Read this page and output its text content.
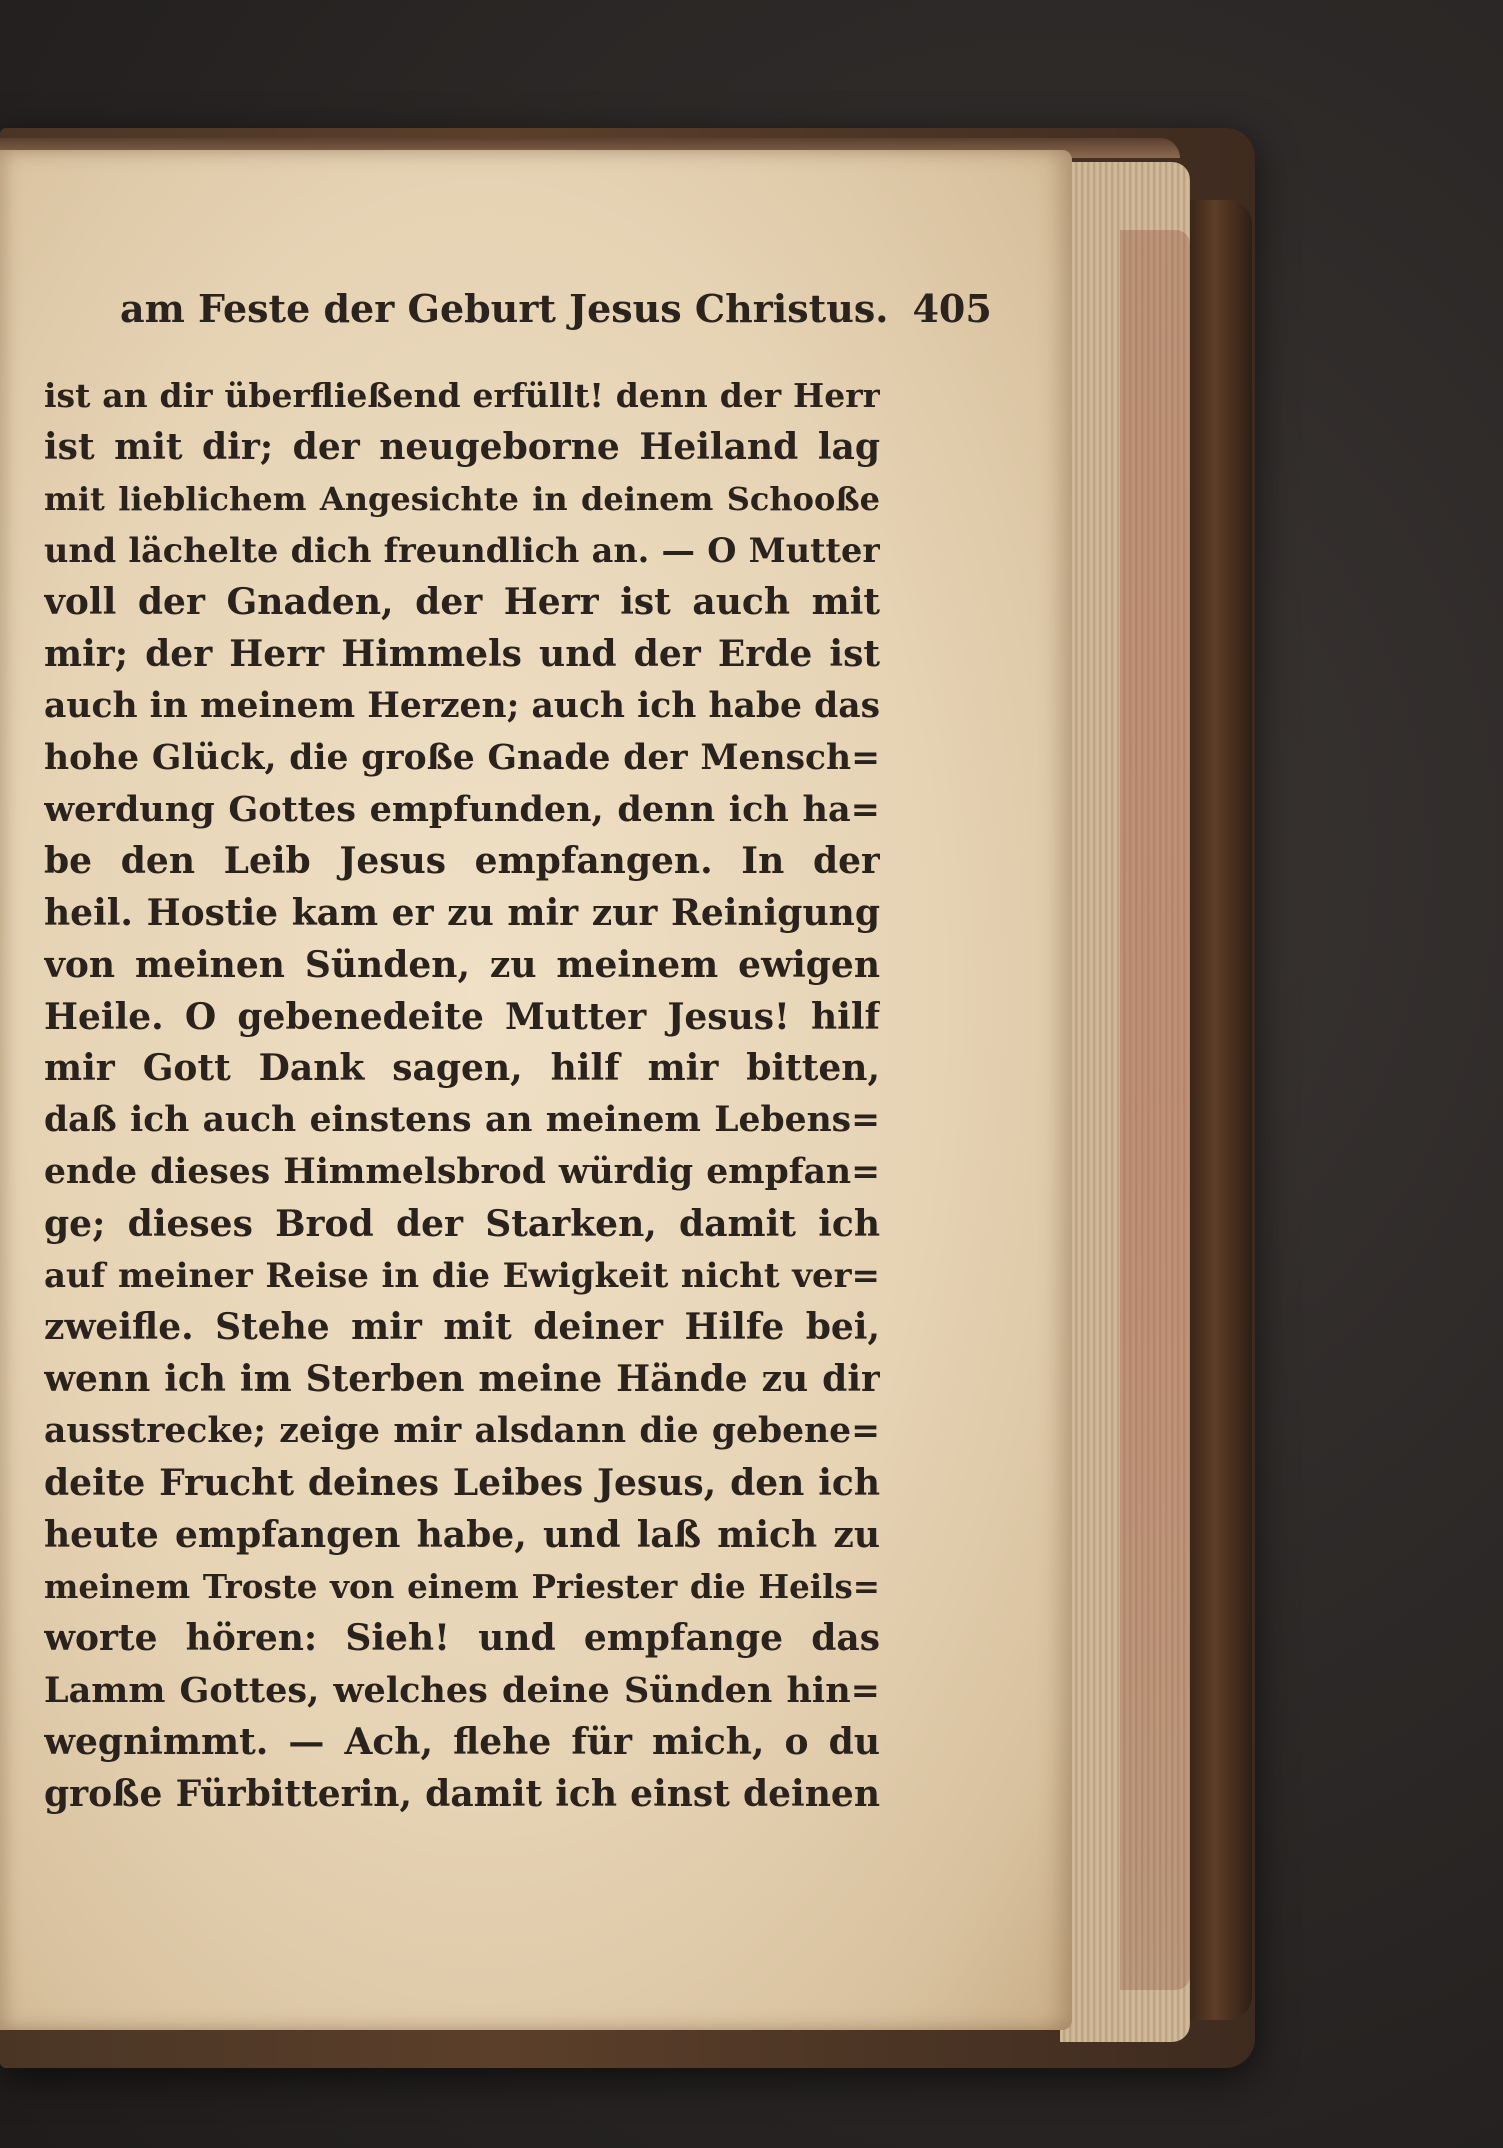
am Feste der Geburt Jesus Christus. 405
ist an dir überfließend erfüllt! denn der Herr
ist mit dir; der neugeborne Heiland lag
mit lieblichem Angesichte in deinem Schooße
und lächelte dich freundlich an. — O Mutter
voll der Gnaden, der Herr ist auch mit
mir; der Herr Himmels und der Erde ist
auch in meinem Herzen; auch ich habe das
hohe Glück, die große Gnade der Mensch=
werdung Gottes empfunden, denn ich ha=
be den Leib Jesus empfangen. In der
heil. Hostie kam er zu mir zur Reinigung
von meinen Sünden, zu meinem ewigen
Heile. O gebenedeite Mutter Jesus! hilf
mir Gott Dank sagen, hilf mir bitten,
daß ich auch einstens an meinem Lebens=
ende dieses Himmelsbrod würdig empfan=
ge; dieses Brod der Starken, damit ich
auf meiner Reise in die Ewigkeit nicht ver=
zweifle. Stehe mir mit deiner Hilfe bei,
wenn ich im Sterben meine Hände zu dir
ausstrecke; zeige mir alsdann die gebene=
deite Frucht deines Leibes Jesus, den ich
heute empfangen habe, und laß mich zu
meinem Troste von einem Priester die Heils=
worte hören: Sieh! und empfange das
Lamm Gottes, welches deine Sünden hin=
wegnimmt. — Ach, flehe für mich, o du
große Fürbitterin, damit ich einst deinen
